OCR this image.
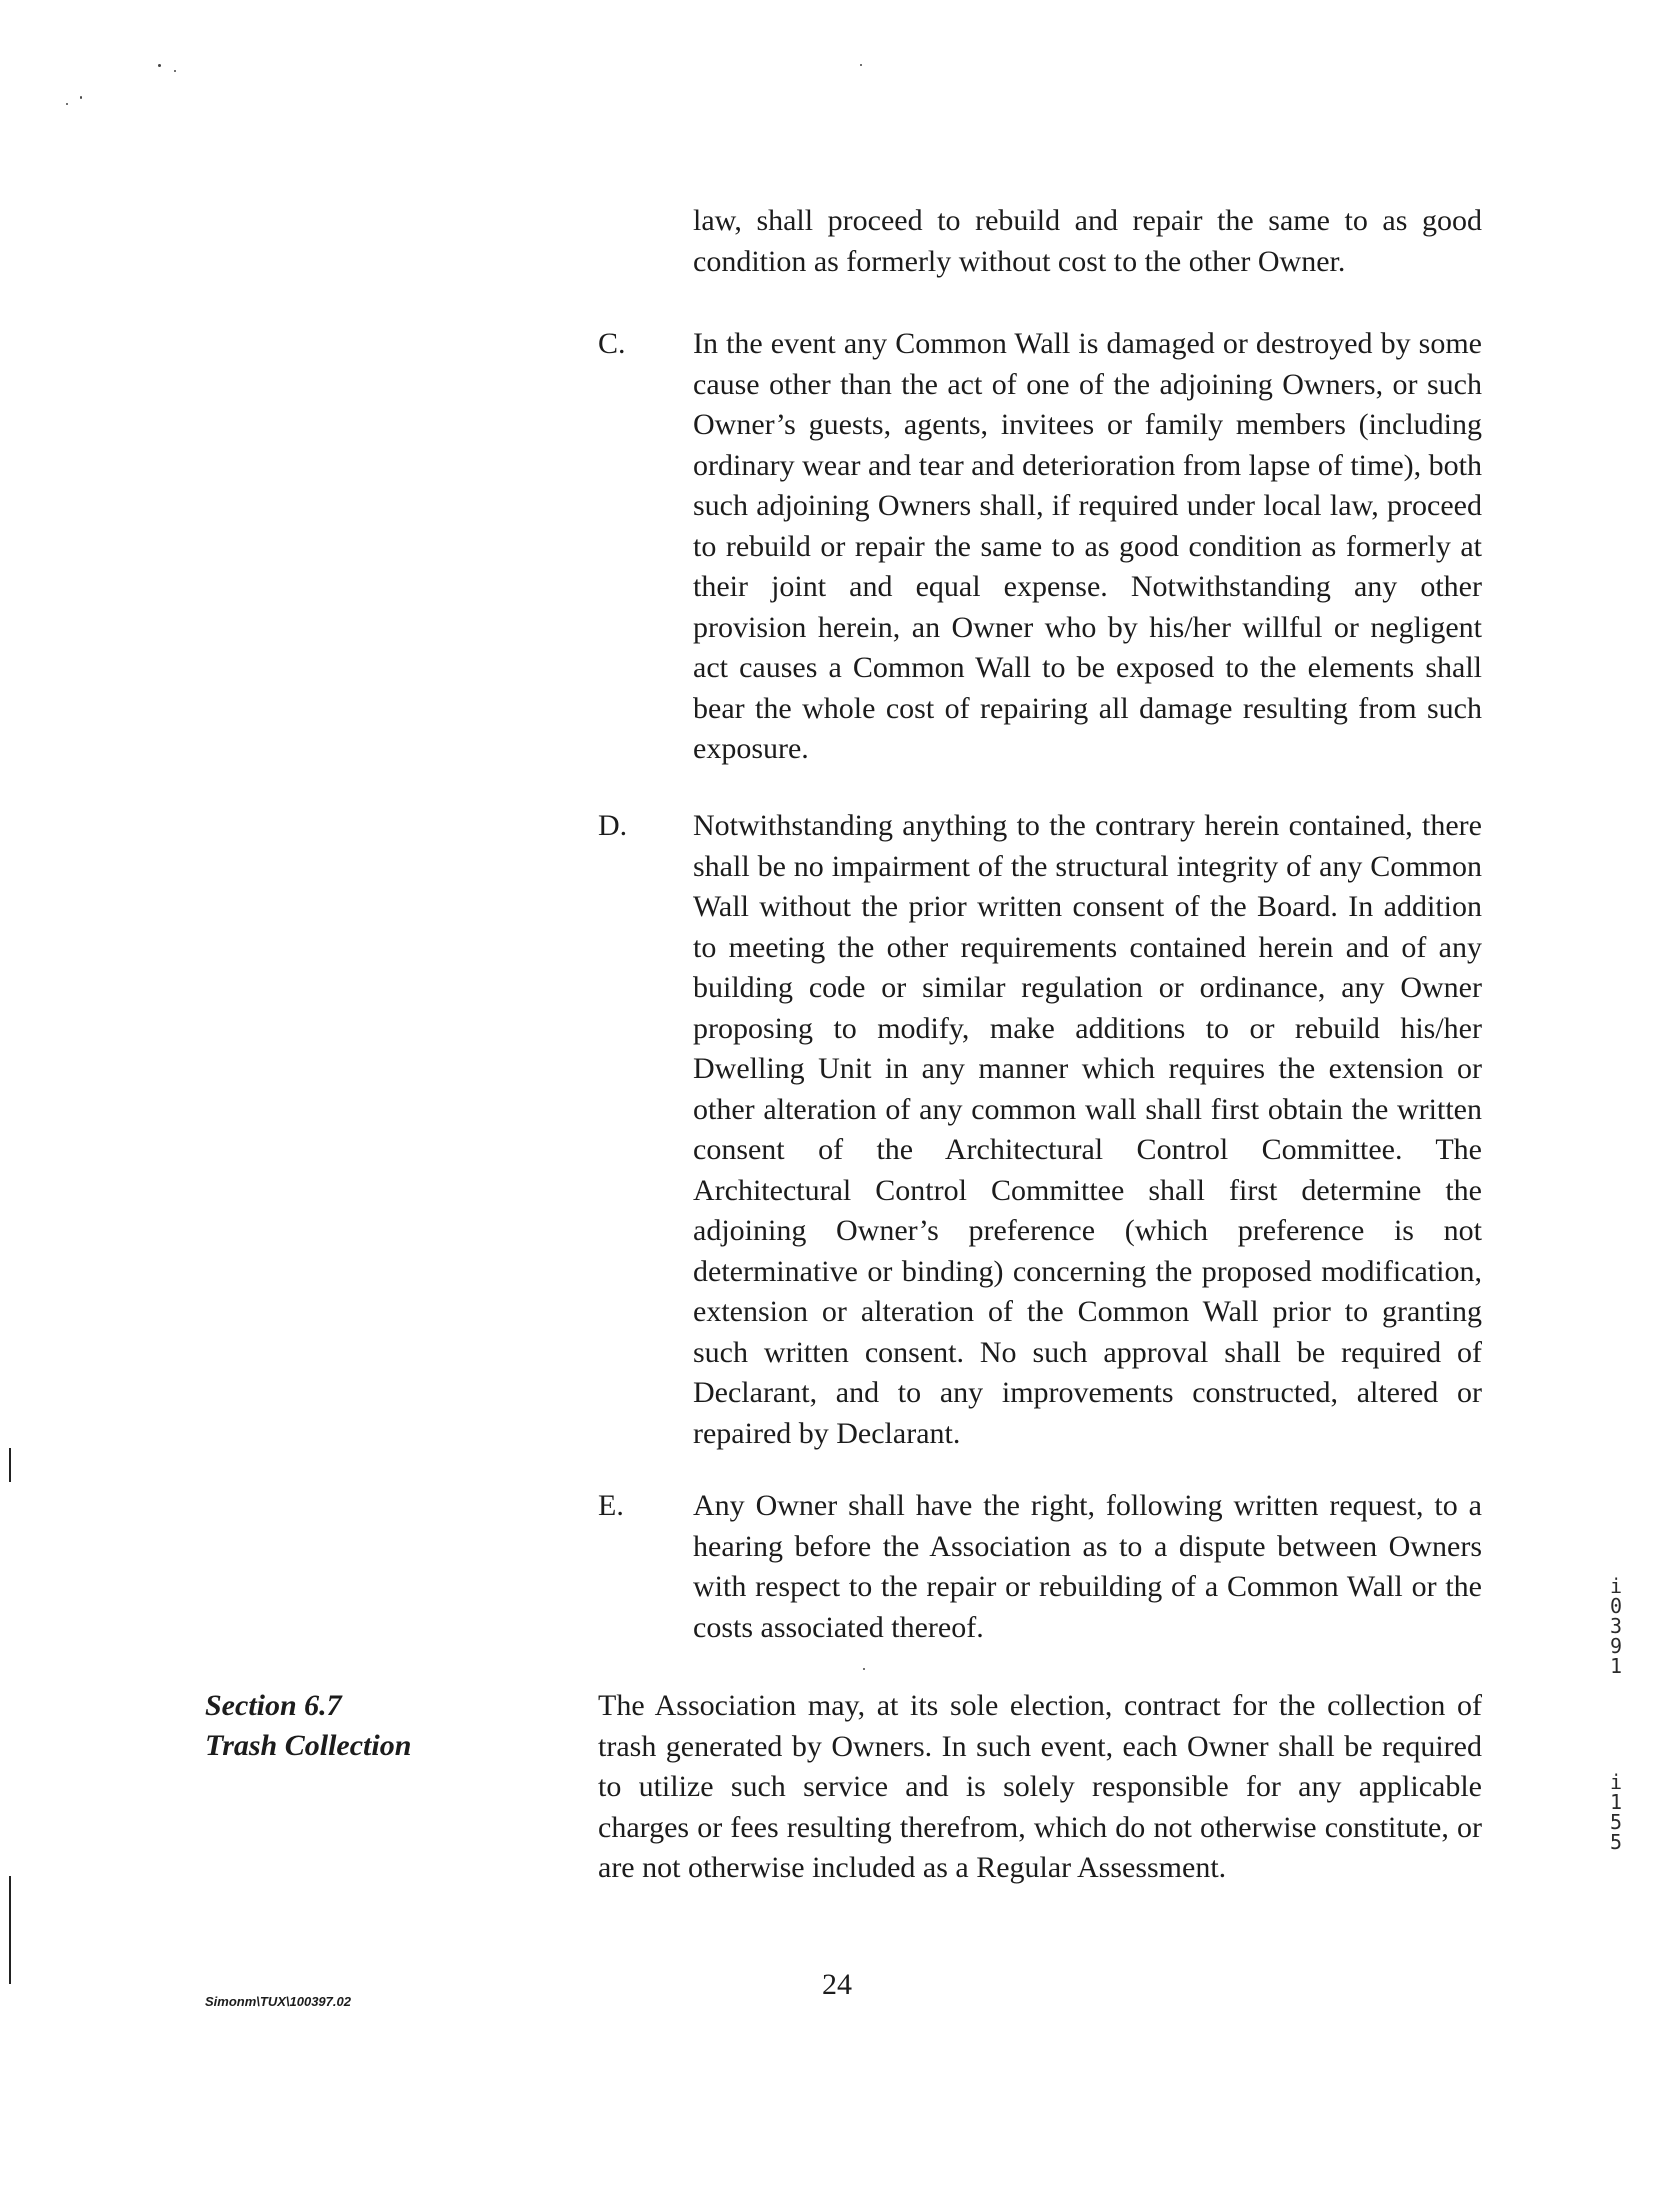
law, shall proceed to rebuild and repair the same to as good condition as formerly without cost to the other Owner.

C. In the event any Common Wall is damaged or destroyed by some cause other than the act of one of the adjoining Owners, or such Owner’s guests, agents, invitees or family members (including ordinary wear and tear and deterioration from lapse of time), both such adjoining Owners shall, if required under local law, proceed to rebuild or repair the same to as good condition as formerly at their joint and equal expense. Notwithstanding any other provision herein, an Owner who by his/her willful or negligent act causes a Common Wall to be exposed to the elements shall bear the whole cost of repairing all damage resulting from such exposure.

D. Notwithstanding anything to the contrary herein contained, there shall be no impairment of the structural integrity of any Common Wall without the prior written consent of the Board. In addition to meeting the other requirements contained herein and of any building code or similar regulation or ordinance, any Owner proposing to modify, make additions to or rebuild his/her Dwelling Unit in any manner which requires the extension or other alteration of any common wall shall first obtain the written consent of the Architectural Control Committee. The Architectural Control Committee shall first determine the adjoining Owner’s preference (which preference is not determinative or binding) concerning the proposed modification, extension or alteration of the Common Wall prior to granting such written consent. No such approval shall be required of Declarant, and to any improvements constructed, altered or repaired by Declarant.

E. Any Owner shall have the right, following written request, to a hearing before the Association as to a dispute between Owners with respect to the repair or rebuilding of a Common Wall or the costs associated thereof.

Section 6.7
Trash Collection

The Association may, at its sole election, contract for the collection of trash generated by Owners. In such event, each Owner shall be required to utilize such service and is solely responsible for any applicable charges or fees resulting therefrom, which do not otherwise constitute, or are not otherwise included as a Regular Assessment.

Simonm\TUX\100397.02
24
i
0
3
9
1
i
1
5
5
